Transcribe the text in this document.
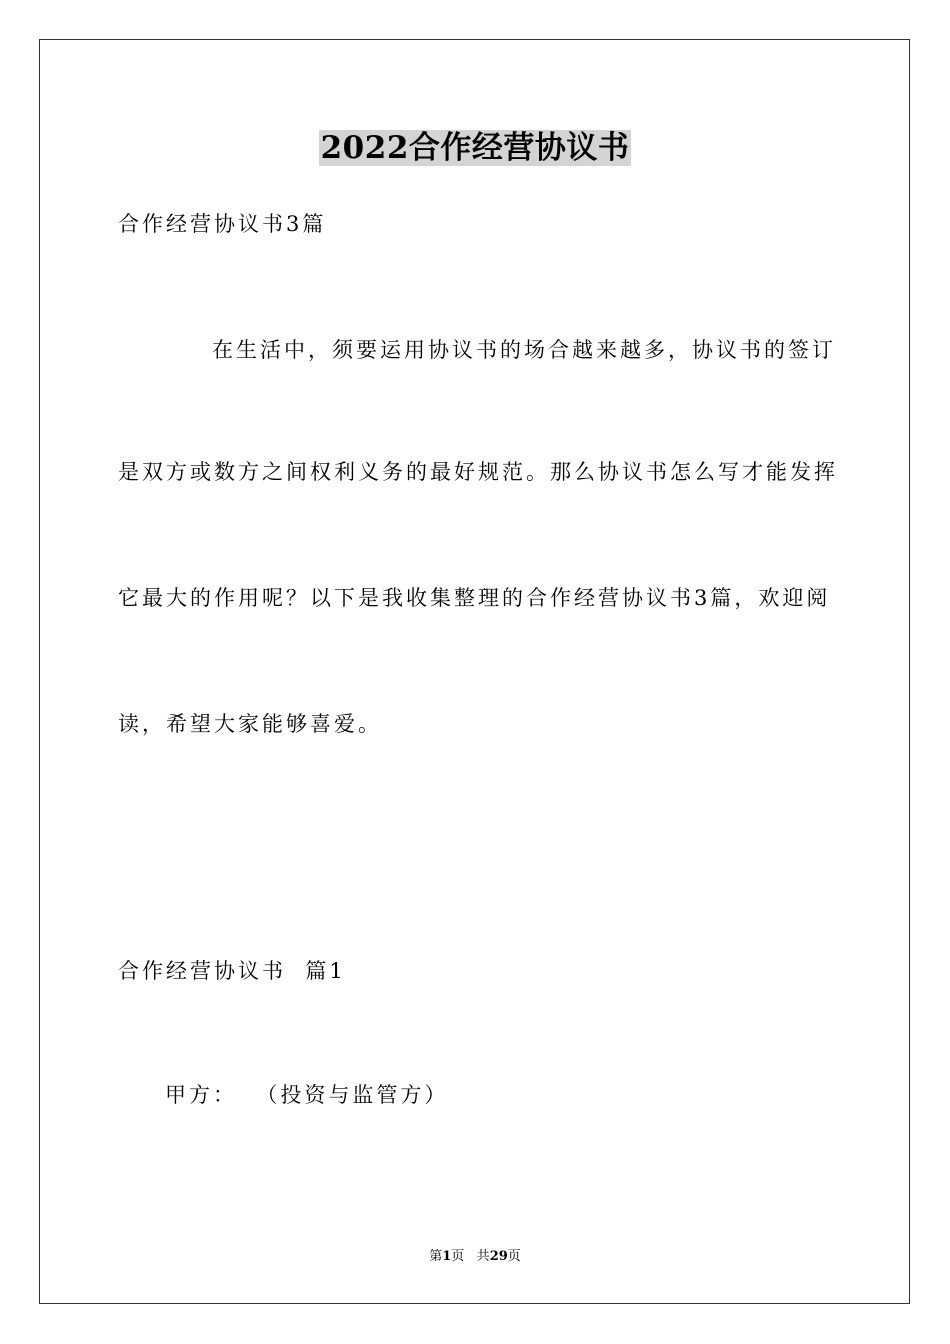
2022合作经营协议书

合作经营协议书3篇

在生活中，须要运用协议书的场合越来越多，协议书的签订

是双方或数方之间权利义务的最好规范。那么协议书怎么写才能发挥

它最大的作用呢？以下是我收集整理的合作经营协议书3篇，欢迎阅

读，希望大家能够喜爱。

合作经营协议书  篇1

甲方：  （投资与监管方）

第1页 共29页
